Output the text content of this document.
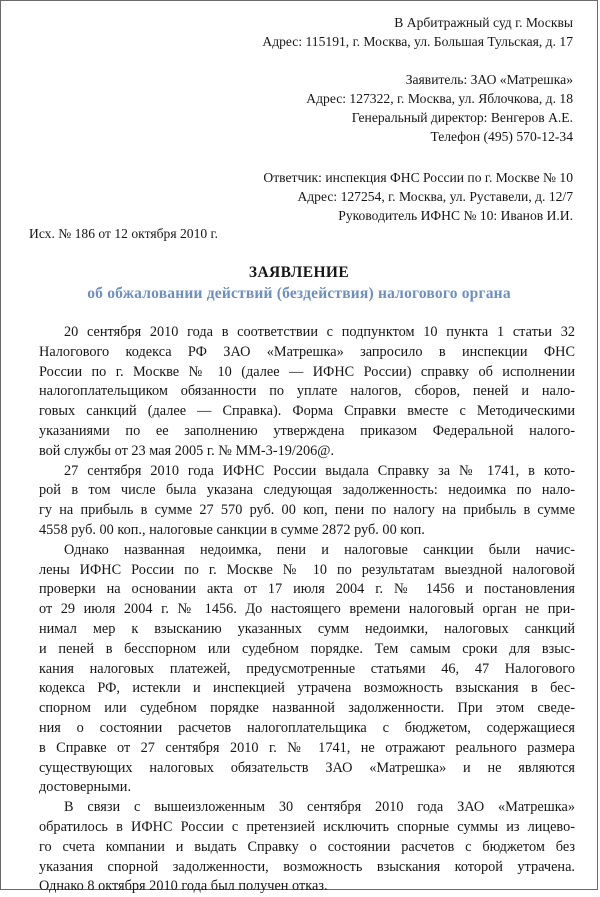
В Арбитражный суд г. Москвы
Адрес: 115191, г. Москва, ул. Большая Тульская, д. 17
Заявитель: ЗАО «Матрешка»
Адрес: 127322, г. Москва, ул. Яблочкова, д. 18
Генеральный директор: Венгеров А.Е.
Телефон (495) 570-12-34
Ответчик: инспекция ФНС России по г. Москве № 10
Адрес: 127254, г. Москва, ул. Руставели, д. 12/7
Руководитель ИФНС № 10: Иванов И.И.
Исх. № 186 от 12 октября 2010 г.
ЗАЯВЛЕНИЕ
об обжаловании действий (бездействия) налогового органа
20 сентября 2010 года в соответствии с подпунктом 10 пункта 1 статьи 32
Налогового кодекса РФ ЗАО «Матрешка» запросило в инспекции ФНС
России по г. Москве № 10 (далее — ИФНС России) справку об исполнении
налогоплательщиком обязанности по уплате налогов, сборов, пеней и нало-
говых санкций (далее — Справка). Форма Справки вместе с Методическими
указаниями по ее заполнению утверждена приказом Федеральной налого-
вой службы от 23 мая 2005 г. № ММ-3-19/206@.
27 сентября 2010 года ИФНС России выдала Справку за № 1741, в кото-
рой в том числе была указана следующая задолженность: недоимка по нало-
гу на прибыль в сумме 27 570 руб. 00 коп, пени по налогу на прибыль в сумме
4558 руб. 00 коп., налоговые санкции в сумме 2872 руб. 00 коп.
Однако названная недоимка, пени и налоговые санкции были начис-
лены ИФНС России по г. Москве № 10 по результатам выездной налоговой
проверки на основании акта от 17 июля 2004 г. № 1456 и постановления
от 29 июля 2004 г. № 1456. До настоящего времени налоговый орган не при-
нимал мер к взысканию указанных сумм недоимки, налоговых санкций
и пеней в бесспорном или судебном порядке. Тем самым сроки для взыс-
кания налоговых платежей, предусмотренные статьями 46, 47 Налогового
кодекса РФ, истекли и инспекцией утрачена возможность взыскания в бес-
спорном или судебном порядке названной задолженности. При этом сведе-
ния о состоянии расчетов налогоплательщика с бюджетом, содержащиеся
в Справке от 27 сентября 2010 г. № 1741, не отражают реального размера
существующих налоговых обязательств ЗАО «Матрешка» и не являются
достоверными.
В связи с вышеизложенным 30 сентября 2010 года ЗАО «Матрешка»
обратилось в ИФНС России с претензией исключить спорные суммы из лицево-
го счета компании и выдать Справку о состоянии расчетов с бюджетом без
указания спорной задолженности, возможность взыскания которой утрачена.
Однако 8 октября 2010 года был получен отказ.
